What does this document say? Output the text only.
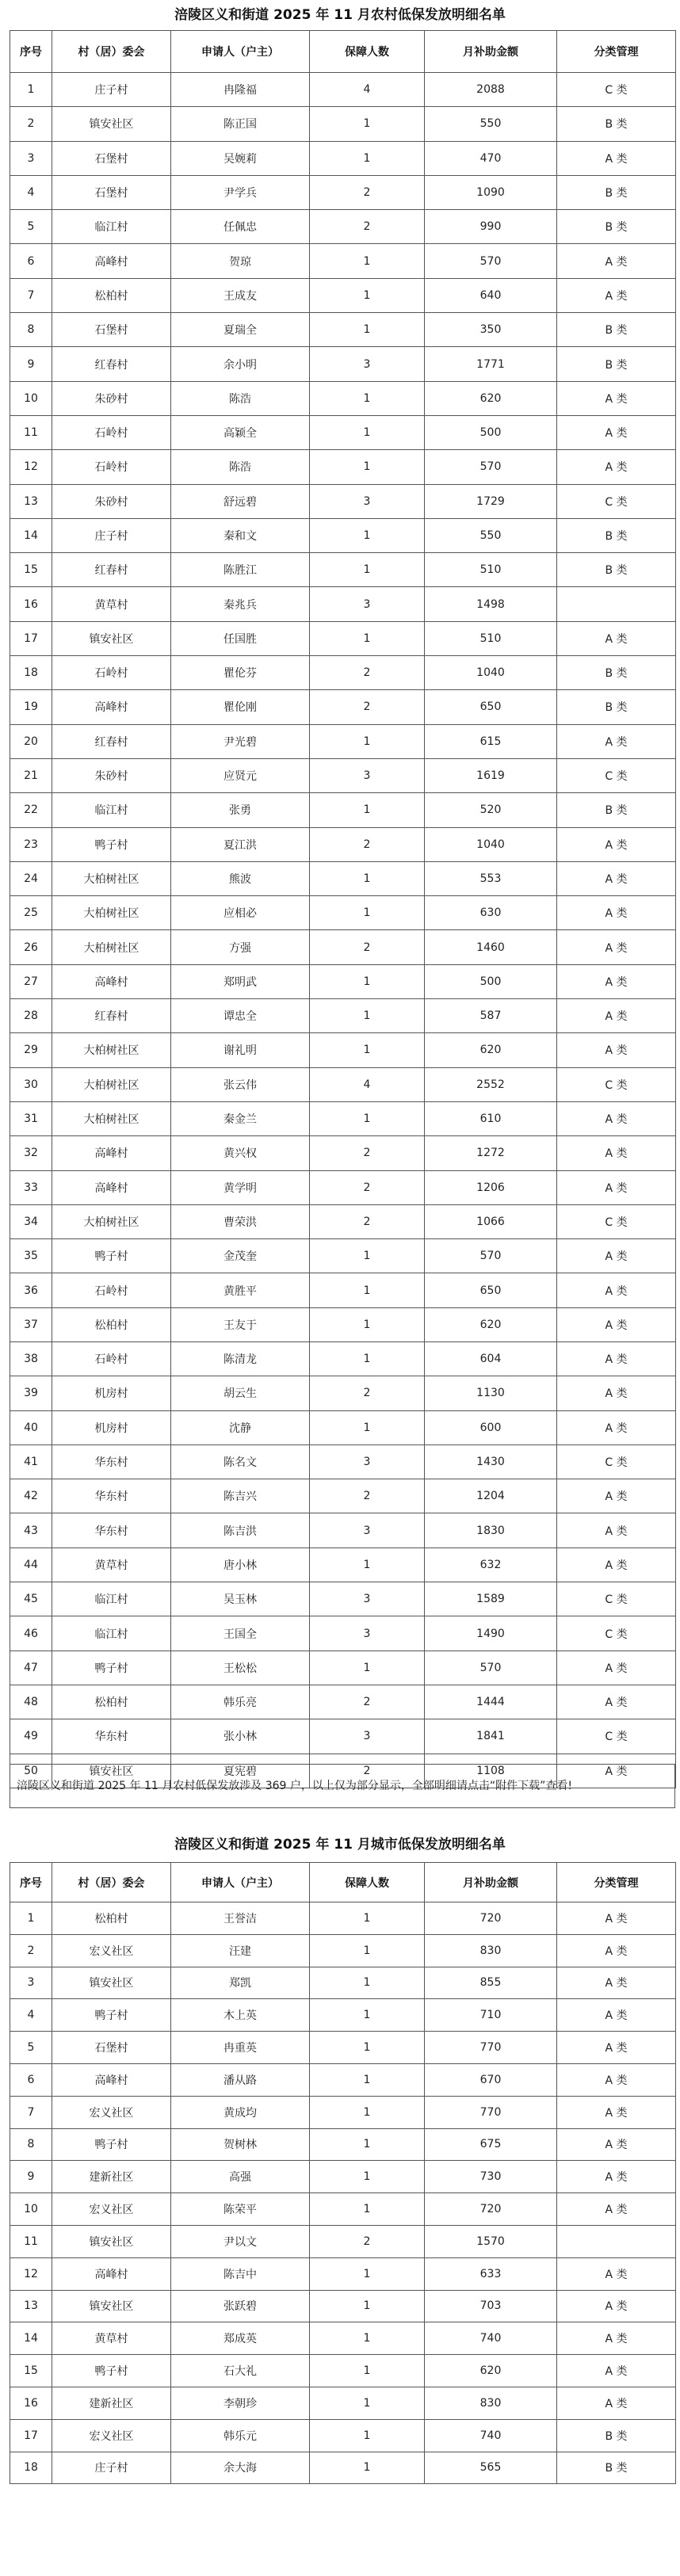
涪陵区义和街道 2025 年 11 月农村低保发放明细名单
序号	村（居）委会	申请人（户主）	保障人数	月补助金额	分类管理
1	庄子村	冉隆福	4	2088	C 类
2	镇安社区	陈正国	1	550	B 类
3	石堡村	吴婉莉	1	470	A 类
4	石堡村	尹学兵	2	1090	B 类
5	临江村	任佩忠	2	990	B 类
6	高峰村	贺琼	1	570	A 类
7	松柏村	王成友	1	640	A 类
8	石堡村	夏瑞全	1	350	B 类
9	红春村	余小明	3	1771	B 类
10	朱砂村	陈浩	1	620	A 类
11	石岭村	高颖全	1	500	A 类
12	石岭村	陈浩	1	570	A 类
13	朱砂村	舒远碧	3	1729	C 类
14	庄子村	秦和文	1	550	B 类
15	红春村	陈胜江	1	510	B 类
16	黄草村	秦兆兵	3	1498	
17	镇安社区	任国胜	1	510	A 类
18	石岭村	瞿伦芬	2	1040	B 类
19	高峰村	瞿伦刚	2	650	B 类
20	红春村	尹光碧	1	615	A 类
21	朱砂村	应贤元	3	1619	C 类
22	临江村	张勇	1	520	B 类
23	鸭子村	夏江洪	2	1040	A 类
24	大柏树社区	熊波	1	553	A 类
25	大柏树社区	应相必	1	630	A 类
26	大柏树社区	方强	2	1460	A 类
27	高峰村	郑明武	1	500	A 类
28	红春村	谭忠全	1	587	A 类
29	大柏树社区	谢礼明	1	620	A 类
30	大柏树社区	张云伟	4	2552	C 类
31	大柏树社区	秦金兰	1	610	A 类
32	高峰村	黄兴权	2	1272	A 类
33	高峰村	黄学明	2	1206	A 类
34	大柏树社区	曹荣洪	2	1066	C 类
35	鸭子村	金茂奎	1	570	A 类
36	石岭村	黄胜平	1	650	A 类
37	松柏村	王友于	1	620	A 类
38	石岭村	陈清龙	1	604	A 类
39	机房村	胡云生	2	1130	A 类
40	机房村	沈静	1	600	A 类
41	华东村	陈名文	3	1430	C 类
42	华东村	陈吉兴	2	1204	A 类
43	华东村	陈吉洪	3	1830	A 类
44	黄草村	唐小林	1	632	A 类
45	临江村	吴玉林	3	1589	C 类
46	临江村	王国全	3	1490	C 类
47	鸭子村	王松松	1	570	A 类
48	松柏村	韩乐亮	2	1444	A 类
49	华东村	张小林	3	1841	C 类
50	镇安社区	夏宪碧	2	1108	A 类
涪陵区义和街道 2025 年 11 月农村低保发放涉及 369 户，以上仅为部分显示，全部明细请点击“附件下载”查看!
涪陵区义和街道 2025 年 11 月城市低保发放明细名单
序号	村（居）委会	申请人（户主）	保障人数	月补助金额	分类管理
1	松柏村	王誉洁	1	720	A 类
2	宏义社区	汪建	1	830	A 类
3	镇安社区	郑凯	1	855	A 类
4	鸭子村	木上英	1	710	A 类
5	石堡村	冉重英	1	770	A 类
6	高峰村	潘从路	1	670	A 类
7	宏义社区	黄成均	1	770	A 类
8	鸭子村	贺树林	1	675	A 类
9	建新社区	高强	1	730	A 类
10	宏义社区	陈荣平	1	720	A 类
11	镇安社区	尹以文	2	1570	
12	高峰村	陈吉中	1	633	A 类
13	镇安社区	张跃碧	1	703	A 类
14	黄草村	郑成英	1	740	A 类
15	鸭子村	石大礼	1	620	A 类
16	建新社区	李朝珍	1	830	A 类
17	宏义社区	韩乐元	1	740	B 类
18	庄子村	余大海	1	565	B 类
